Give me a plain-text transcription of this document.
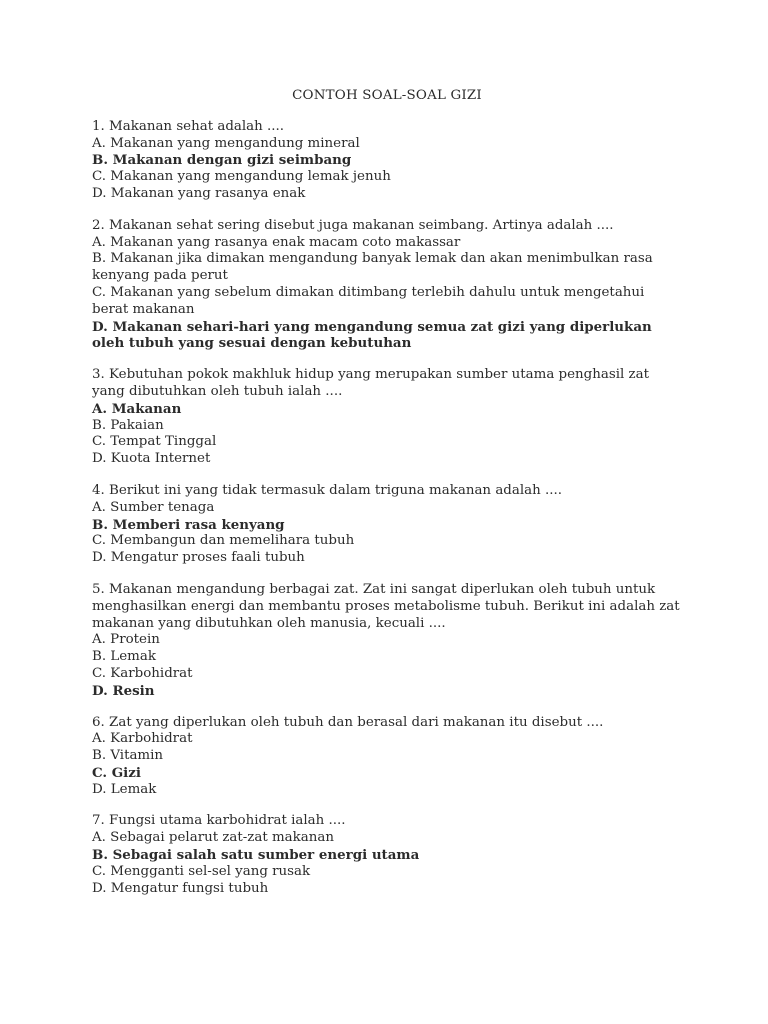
CONTOH SOAL-SOAL GIZI
1. Makanan sehat adalah ....
A. Makanan yang mengandung mineral
B. Makanan dengan gizi seimbang
C. Makanan yang mengandung lemak jenuh
D. Makanan yang rasanya enak
2. Makanan sehat sering disebut juga makanan seimbang. Artinya adalah ....
A. Makanan yang rasanya enak macam coto makassar
B. Makanan jika dimakan mengandung banyak lemak dan akan menimbulkan rasa kenyang pada perut
C. Makanan yang sebelum dimakan ditimbang terlebih dahulu untuk mengetahui berat makanan
D. Makanan sehari-hari yang mengandung semua zat gizi yang diperlukan oleh tubuh yang sesuai dengan kebutuhan
3. Kebutuhan pokok makhluk hidup yang merupakan sumber utama penghasil zat yang dibutuhkan oleh tubuh ialah ....
A. Makanan
B. Pakaian
C. Tempat Tinggal
D. Kuota Internet
4. Berikut ini yang tidak termasuk dalam triguna makanan adalah ....
A. Sumber tenaga
B. Memberi rasa kenyang
C. Membangun dan memelihara tubuh
D. Mengatur proses faali tubuh
5. Makanan mengandung berbagai zat. Zat ini sangat diperlukan oleh tubuh untuk menghasilkan energi dan membantu proses metabolisme tubuh. Berikut ini adalah zat makanan yang dibutuhkan oleh manusia, kecuali ....
A. Protein
B. Lemak
C. Karbohidrat
D. Resin
6. Zat yang diperlukan oleh tubuh dan berasal dari makanan itu disebut ....
A. Karbohidrat
B. Vitamin
C. Gizi
D. Lemak
7. Fungsi utama karbohidrat ialah ....
A. Sebagai pelarut zat-zat makanan
B. Sebagai salah satu sumber energi utama
C. Mengganti sel-sel yang rusak
D. Mengatur fungsi tubuh
